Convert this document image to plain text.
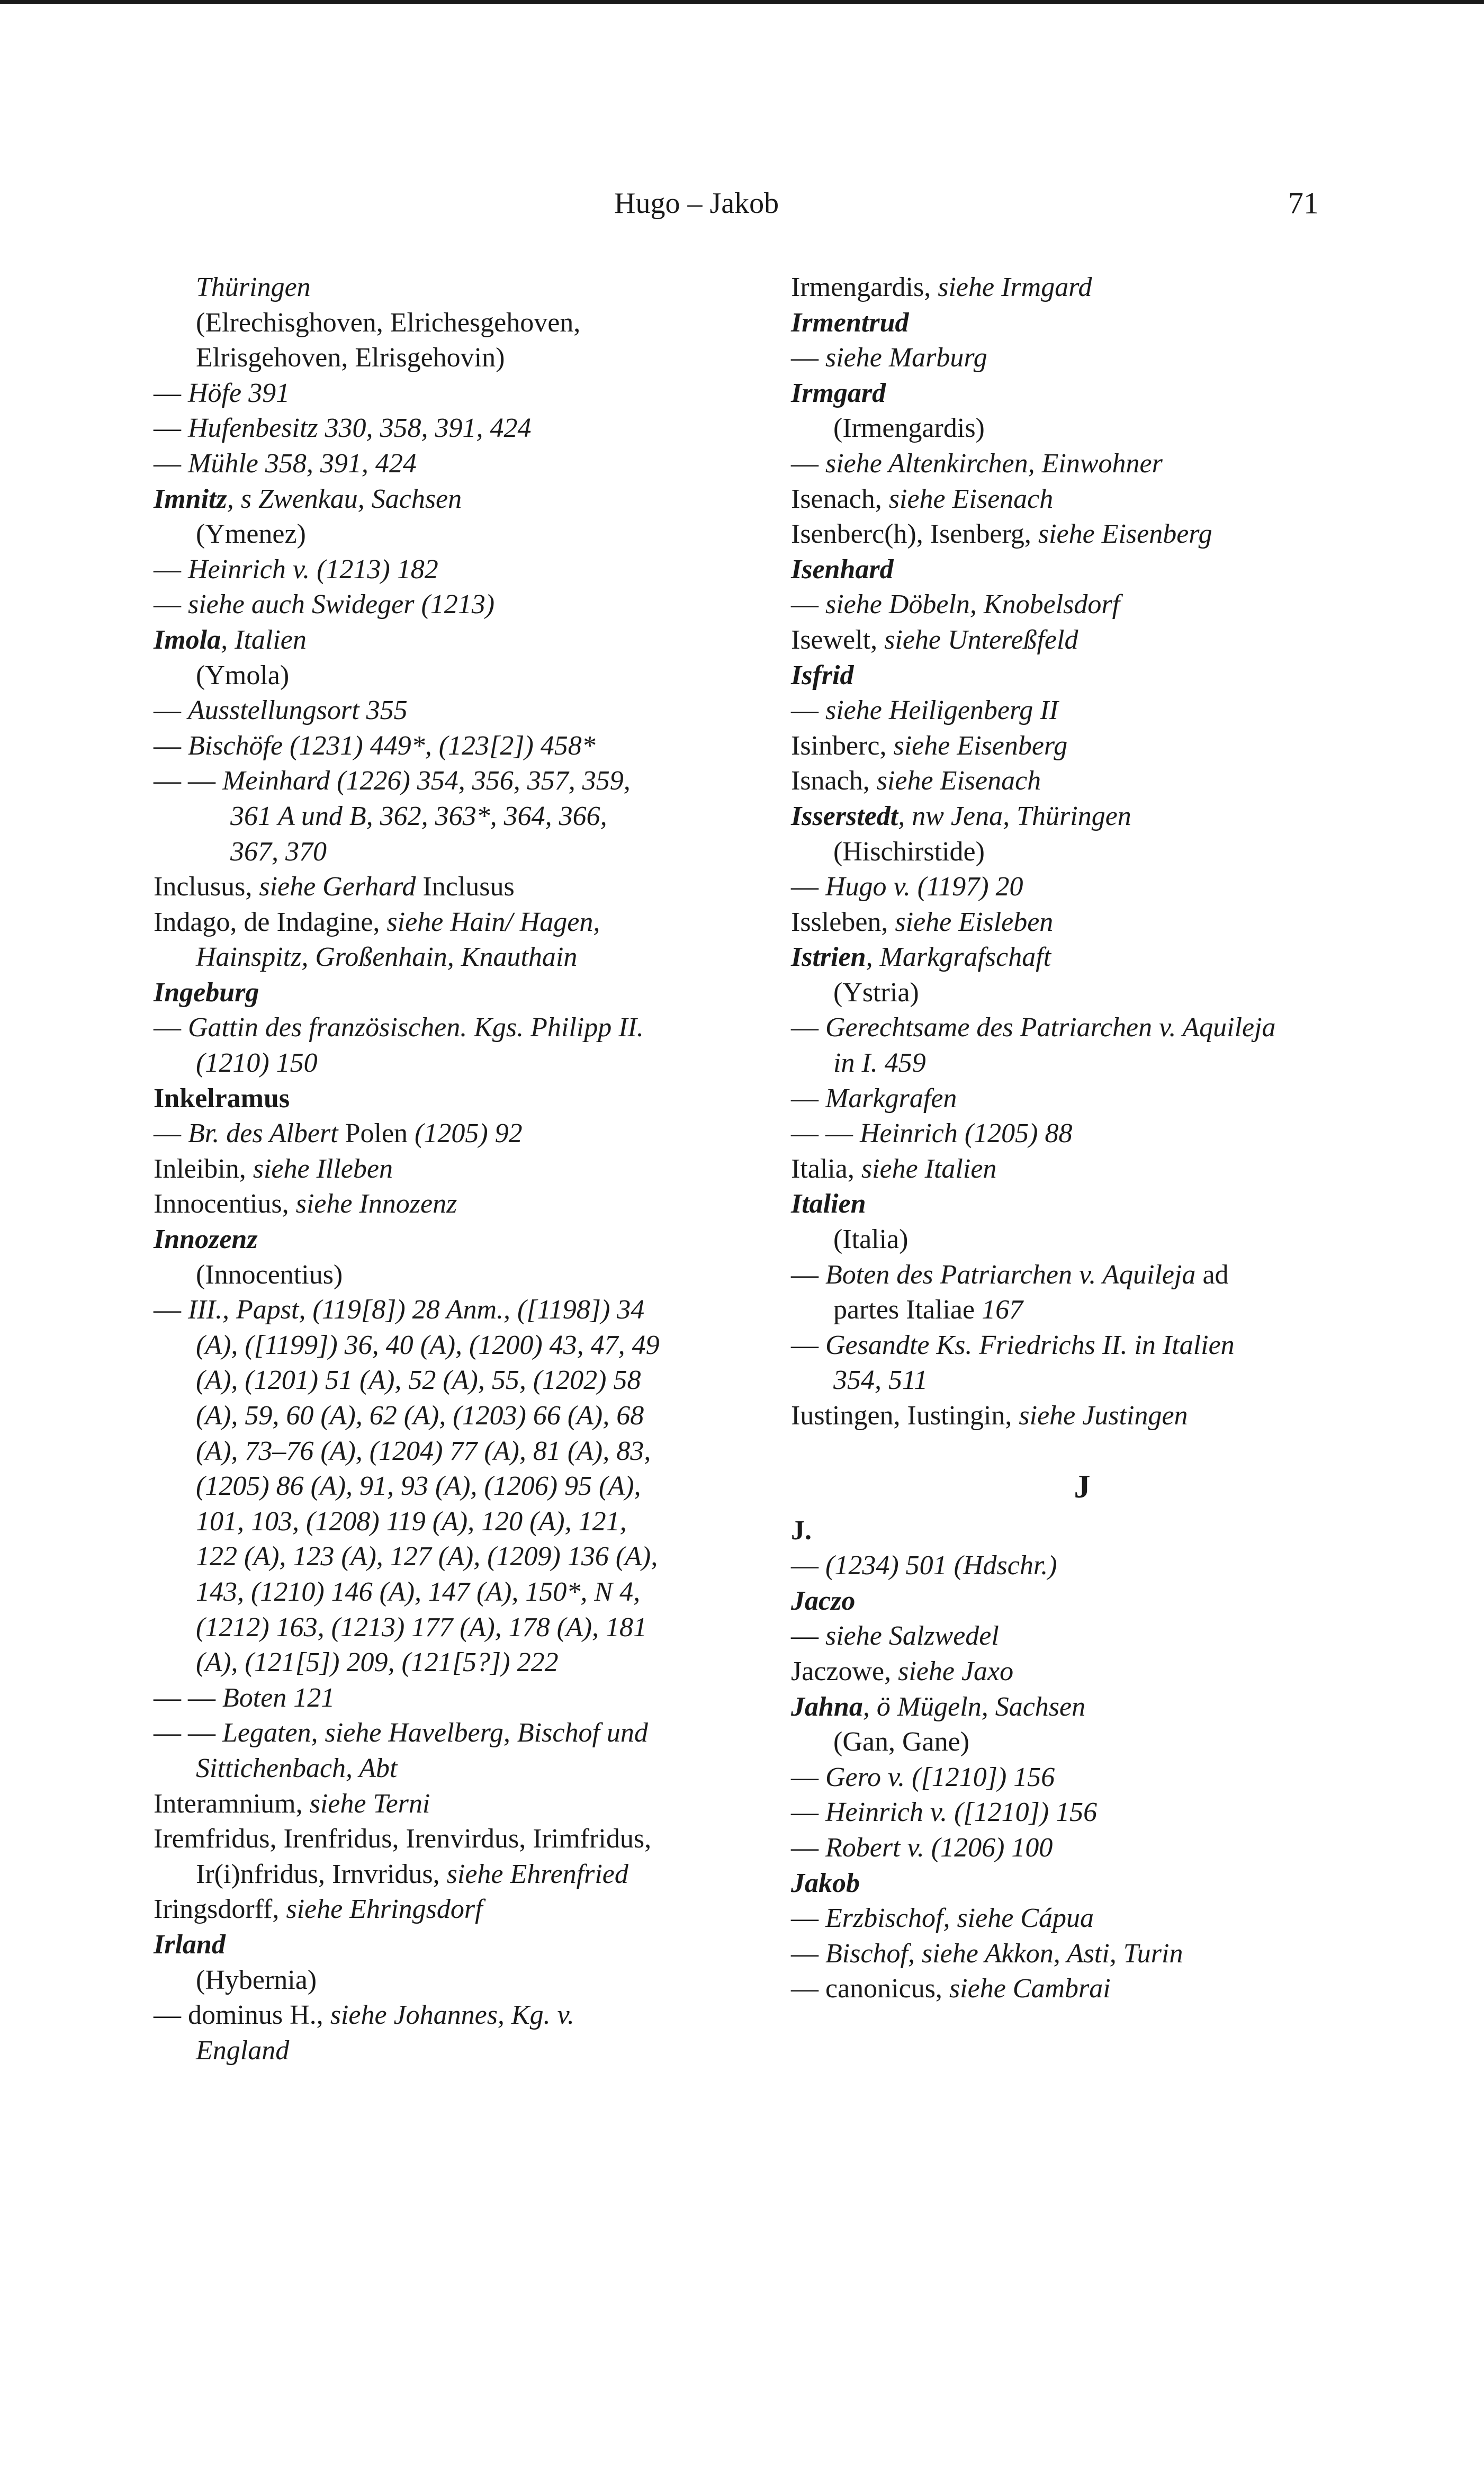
Hugo – Jakob	71
Thüringen
(Elrechisghoven, Elrichesgehoven,
Elrisgehoven, Elrisgehovin)
— Höfe 391
— Hufenbesitz 330, 358, 391, 424
— Mühle 358, 391, 424
Imnitz, s Zwenkau, Sachsen
(Ymenez)
— Heinrich v. (1213) 182
— siehe auch Swideger (1213)
Imola, Italien
(Ymola)
— Ausstellungsort 355
— Bischöfe (1231) 449*, (123[2]) 458*
— — Meinhard (1226) 354, 356, 357, 359,
361 A und B, 362, 363*, 364, 366,
367, 370
Inclusus, siehe Gerhard Inclusus
Indago, de Indagine, siehe Hain/ Hagen,
Hainspitz, Großenhain, Knauthain
Ingeburg
— Gattin des französischen. Kgs. Philipp II.
(1210) 150
Inkelramus
— Br. des Albert Polen (1205) 92
Inleibin, siehe Illeben
Innocentius, siehe Innozenz
Innozenz
(Innocentius)
— III., Papst, (119[8]) 28 Anm., ([1198]) 34
(A), ([1199]) 36, 40 (A), (1200) 43, 47, 49
(A), (1201) 51 (A), 52 (A), 55, (1202) 58
(A), 59, 60 (A), 62 (A), (1203) 66 (A), 68
(A), 73–76 (A), (1204) 77 (A), 81 (A), 83,
(1205) 86 (A), 91, 93 (A), (1206) 95 (A),
101, 103, (1208) 119 (A), 120 (A), 121,
122 (A), 123 (A), 127 (A), (1209) 136 (A),
143, (1210) 146 (A), 147 (A), 150*, N 4,
(1212) 163, (1213) 177 (A), 178 (A), 181
(A), (121[5]) 209, (121[5?]) 222
— — Boten 121
— — Legaten, siehe Havelberg, Bischof und
Sittichenbach, Abt
Interamnium, siehe Terni
Iremfridus, Irenfridus, Irenvirdus, Irimfridus,
Ir(i)nfridus, Irnvridus, siehe Ehrenfried
Iringsdorff, siehe Ehringsdorf
Irland
(Hybernia)
— dominus H., siehe Johannes, Kg. v.
England
Irmengardis, siehe Irmgard
Irmentrud
— siehe Marburg
Irmgard
(Irmengardis)
— siehe Altenkirchen, Einwohner
Isenach, siehe Eisenach
Isenberc(h), Isenberg, siehe Eisenberg
Isenhard
— siehe Döbeln, Knobelsdorf
Isewelt, siehe Untereßfeld
Isfrid
— siehe Heiligenberg II
Isinberc, siehe Eisenberg
Isnach, siehe Eisenach
Isserstedt, nw Jena, Thüringen
(Hischirstide)
— Hugo v. (1197) 20
Issleben, siehe Eisleben
Istrien, Markgrafschaft
(Ystria)
— Gerechtsame des Patriarchen v. Aquileja
in I. 459
— Markgrafen
— — Heinrich (1205) 88
Italia, siehe Italien
Italien
(Italia)
— Boten des Patriarchen v. Aquileja ad
partes Italiae 167
— Gesandte Ks. Friedrichs II. in Italien
354, 511
Iustingen, Iustingin, siehe Justingen
J
J.
— (1234) 501 (Hdschr.)
Jaczo
— siehe Salzwedel
Jaczowe, siehe Jaxo
Jahna, ö Mügeln, Sachsen
(Gan, Gane)
— Gero v. ([1210]) 156
— Heinrich v. ([1210]) 156
— Robert v. (1206) 100
Jakob
— Erzbischof, siehe Cápua
— Bischof, siehe Akkon, Asti, Turin
— canonicus, siehe Cambrai
